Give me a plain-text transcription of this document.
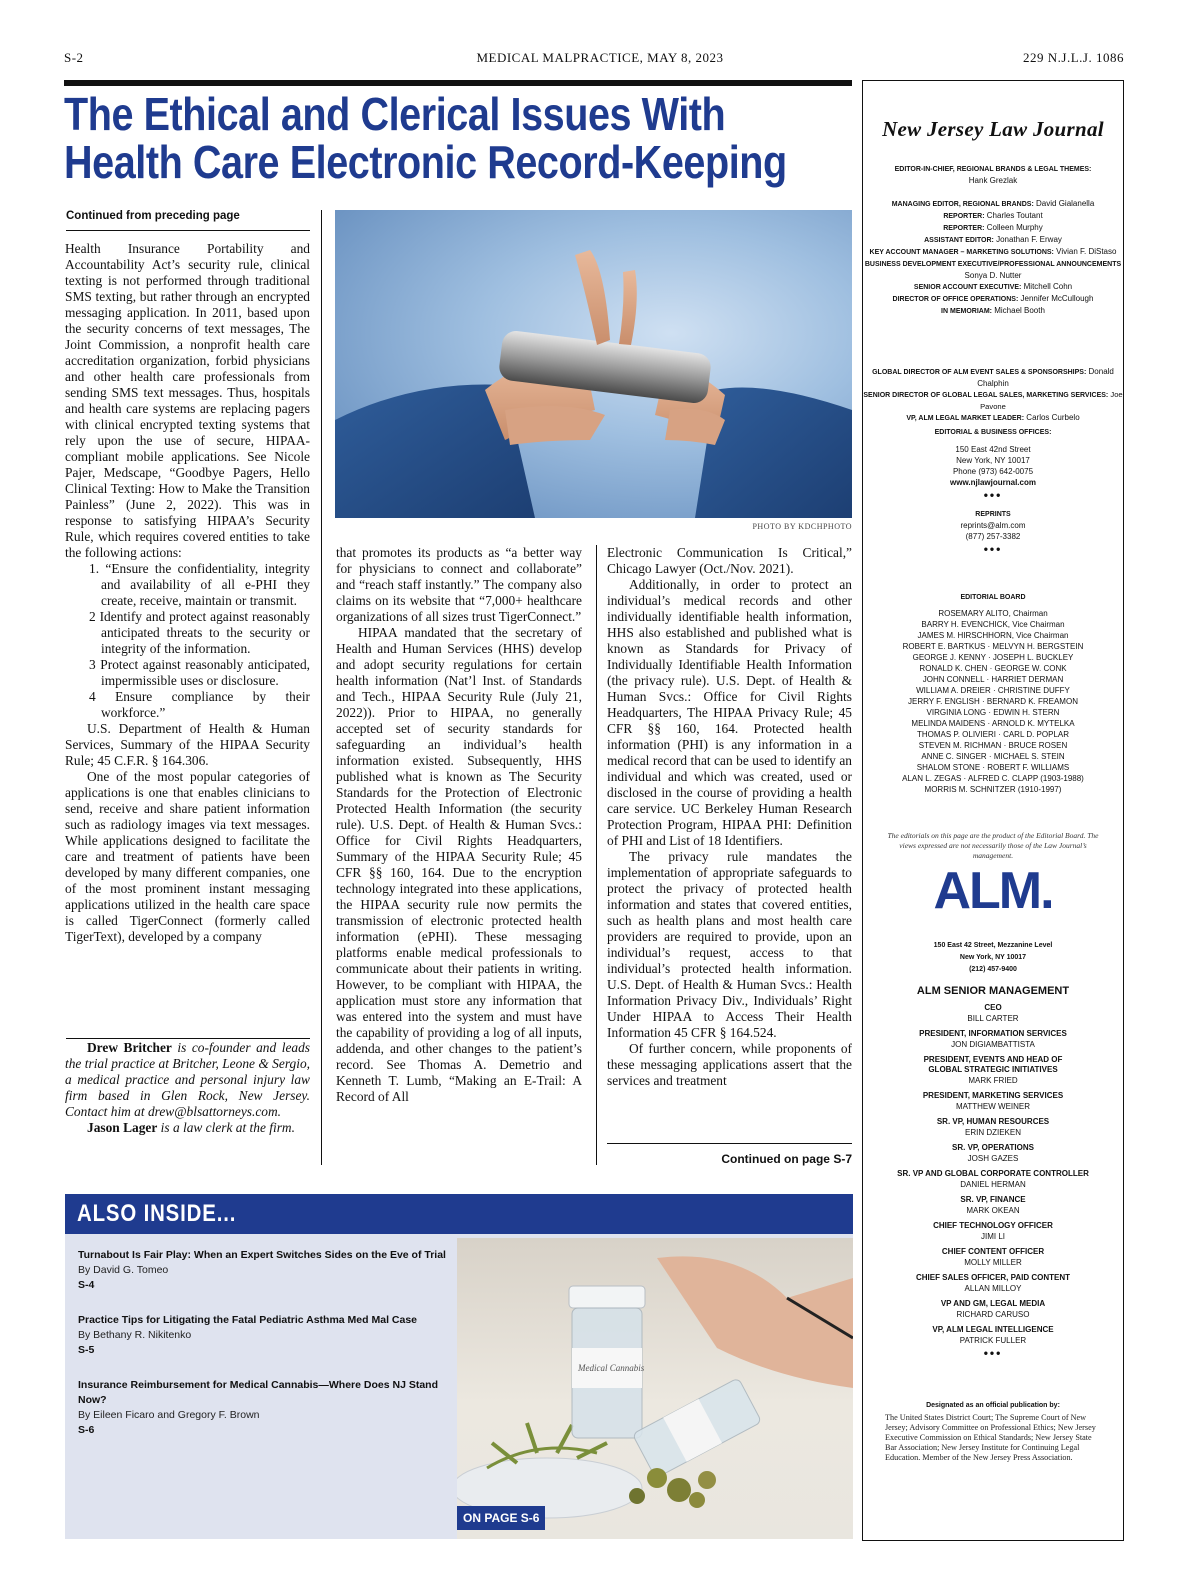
S-2	MEDICAL MALPRACTICE, MAY 8, 2023	229 N.J.L.J. 1086
The Ethical and Clerical Issues With
Health Care Electronic Record-Keeping
Continued from preceding page

Health Insurance Portability and Accountability Act’s security rule, clinical texting is not performed through traditional SMS texting, but rather through an encrypted messaging application. In 2011, based upon the security concerns of text messages, The Joint Commission, a nonprofit health care accreditation organization, forbid physicians and other health care professionals from sending SMS text messages. Thus, hospitals and health care systems are replacing pagers with clinical encrypted texting systems that rely upon the use of secure, HIPAA-compliant mobile applications. See Nicole Pajer, Medscape, “Goodbye Pagers, Hello Clinical Texting: How to Make the Transition Painless” (June 2, 2022). This was in response to satisfying HIPAA’s Security Rule, which requires covered entities to take the following actions:

1. “Ensure the confidentiality, integrity and availability of all e-PHI they create, receive, maintain or transmit.
2 Identify and protect against reasonably anticipated threats to the security or integrity of the information.
3 Protect against reasonably anticipated, impermissible uses or disclosure.
4 Ensure compliance by their workforce.”

U.S. Department of Health & Human Services, Summary of the HIPAA Security Rule; 45 C.F.R. § 164.306.

One of the most popular categories of applications is one that enables clinicians to send, receive and share patient information such as radiology images via text messages. While applications designed to facilitate the care and treatment of patients have been developed by many different companies, one of the most prominent instant messaging applications utilized in the health care space is called TigerConnect (formerly called TigerText), developed by a company

Drew Britcher is co-founder and leads the trial practice at Britcher, Leone & Sergio, a medical practice and personal injury law firm based in Glen Rock, New Jersey. Contact him at drew@blsattorneys.com.

Jason Lager is a law clerk at the firm.

PHOTO BY KDCHPHOTO

that promotes its products as “a better way for physicians to connect and collaborate” and “reach staff instantly.” The company also claims on its website that “7,000+ healthcare organizations of all sizes trust TigerConnect.”

HIPAA mandated that the secretary of Health and Human Services (HHS) develop and adopt security regulations for certain health information (Nat’l Inst. of Standards and Tech., HIPAA Security Rule (July 21, 2022)). Prior to HIPAA, no generally accepted set of security standards for safeguarding an individual’s health information existed. Subsequently, HHS published what is known as The Security Standards for the Protection of Electronic Protected Health Information (the security rule). U.S. Dept. of Health & Human Svcs.: Office for Civil Rights Headquarters, Summary of the HIPAA Security Rule; 45 CFR §§ 160, 164. Due to the encryption technology integrated into these applications, the HIPAA security rule now permits the transmission of electronic protected health information (ePHI). These messaging platforms enable medical professionals to communicate about their patients in writing. However, to be compliant with HIPAA, the application must store any information that was entered into the system and must have the capability of providing a log of all inputs, addenda, and other changes to the patient’s record. See Thomas A. Demetrio and Kenneth T. Lumb, “Making an E-Trail: A Record of All

Electronic Communication Is Critical,” Chicago Lawyer (Oct./Nov. 2021).

Additionally, in order to protect an individual’s medical records and other individually identifiable health information, HHS also established and published what is known as Standards for Privacy of Individually Identifiable Health Information (the privacy rule). U.S. Dept. of Health & Human Svcs.: Office for Civil Rights Headquarters, The HIPAA Privacy Rule; 45 CFR §§ 160, 164. Protected health information (PHI) is any information in a medical record that can be used to identify an individual and which was created, used or disclosed in the course of providing a health care service. UC Berkeley Human Research Protection Program, HIPAA PHI: Definition of PHI and List of 18 Identifiers.

The privacy rule mandates the implementation of appropriate safeguards to protect the privacy of protected health information and states that covered entities, such as health plans and most health care providers are required to provide, upon an individual’s request, access to that individual’s protected health information. U.S. Dept. of Health & Human Svcs.: Health Information Privacy Div., Individuals’ Right Under HIPAA to Access Their Health Information 45 CFR § 164.524.

Of further concern, while proponents of these messaging applications assert that the services and treatment

Continued on page S-7
ALSO INSIDE...
Turnabout Is Fair Play: When an Expert Switches Sides on the Eve of Trial
By David G. Tomeo
S-4
Practice Tips for Litigating the Fatal Pediatric Asthma Med Mal Case
By Bethany R. Nikitenko
S-5
Insurance Reimbursement for Medical Cannabis—Where Does NJ Stand Now?
By Eileen Ficaro and Gregory F. Brown
S-6
Medical Cannabis
ON PAGE S-6
New Jersey Law Journal
EDITOR-IN-CHIEF, REGIONAL BRANDS & LEGAL THEMES:
Hank Grezlak
MANAGING EDITOR, REGIONAL BRANDS: David Gialanella
REPORTER: Charles Toutant
REPORTER: Colleen Murphy
ASSISTANT EDITOR: Jonathan F. Erway
KEY ACCOUNT MANAGER – MARKETING SOLUTIONS: Vivian F. DiStaso
BUSINESS DEVELOPMENT EXECUTIVE/PROFESSIONAL ANNOUNCEMENTS
Sonya D. Nutter
SENIOR ACCOUNT EXECUTIVE: Mitchell Cohn
DIRECTOR OF OFFICE OPERATIONS: Jennifer McCullough
IN MEMORIAM: Michael Booth
GLOBAL DIRECTOR OF ALM EVENT SALES & SPONSORSHIPS: Donald Chalphin
SENIOR DIRECTOR OF GLOBAL LEGAL SALES, MARKETING SERVICES: Joe Pavone
VP, ALM LEGAL MARKET LEADER: Carlos Curbelo
EDITORIAL & BUSINESS OFFICES:
150 East 42nd Street
New York, NY 10017
Phone (973) 642-0075
www.njlawjournal.com
•••
REPRINTS
reprints@alm.com
(877) 257-3382
•••
EDITORIAL BOARD
ROSEMARY ALITO, Chairman
BARRY H. EVENCHICK, Vice Chairman
JAMES M. HIRSCHHORN, Vice Chairman
ROBERT E. BARTKUS · MELVYN H. BERGSTEIN
GEORGE J. KENNY · JOSEPH L. BUCKLEY
RONALD K. CHEN · GEORGE W. CONK
JOHN CONNELL · HARRIET DERMAN
WILLIAM A. DREIER · CHRISTINE DUFFY
JERRY F. ENGLISH · BERNARD K. FREAMON
VIRGINIA LONG · EDWIN H. STERN
MELINDA MAIDENS · ARNOLD K. MYTELKA
THOMAS P. OLIVIERI · CARL D. POPLAR
STEVEN M. RICHMAN · BRUCE ROSEN
ANNE C. SINGER · MICHAEL S. STEIN
SHALOM STONE · ROBERT F. WILLIAMS
ALAN L. ZEGAS · ALFRED C. CLAPP (1903-1988)
MORRIS M. SCHNITZER (1910-1997)
The editorials on this page are the product of the Editorial Board. The views expressed are not necessarily those of the Law Journal’s management.
ALM.
150 East 42 Street, Mezzanine Level
New York, NY 10017
(212) 457-9400
ALM SENIOR MANAGEMENT
CEO
BILL CARTER
PRESIDENT, INFORMATION SERVICES
JON DIGIAMBATTISTA
PRESIDENT, EVENTS AND HEAD OF GLOBAL STRATEGIC INITIATIVES
MARK FRIED
PRESIDENT, MARKETING SERVICES
MATTHEW WEINER
SR. VP, HUMAN RESOURCES
ERIN DZIEKEN
SR. VP, OPERATIONS
JOSH GAZES
SR. VP AND GLOBAL CORPORATE CONTROLLER
DANIEL HERMAN
SR. VP, FINANCE
MARK OKEAN
CHIEF TECHNOLOGY OFFICER
JIMI LI
CHIEF CONTENT OFFICER
MOLLY MILLER
CHIEF SALES OFFICER, PAID CONTENT
ALLAN MILLOY
VP AND GM, LEGAL MEDIA
RICHARD CARUSO
VP, ALM LEGAL INTELLIGENCE
PATRICK FULLER
•••
Designated as an official publication by:
The United States District Court; The Supreme Court of New Jersey; Advisory Committee on Professional Ethics; New Jersey Executive Commission on Ethical Standards; New Jersey State Bar Association; New Jersey Institute for Continuing Legal Education. Member of the New Jersey Press Association.
